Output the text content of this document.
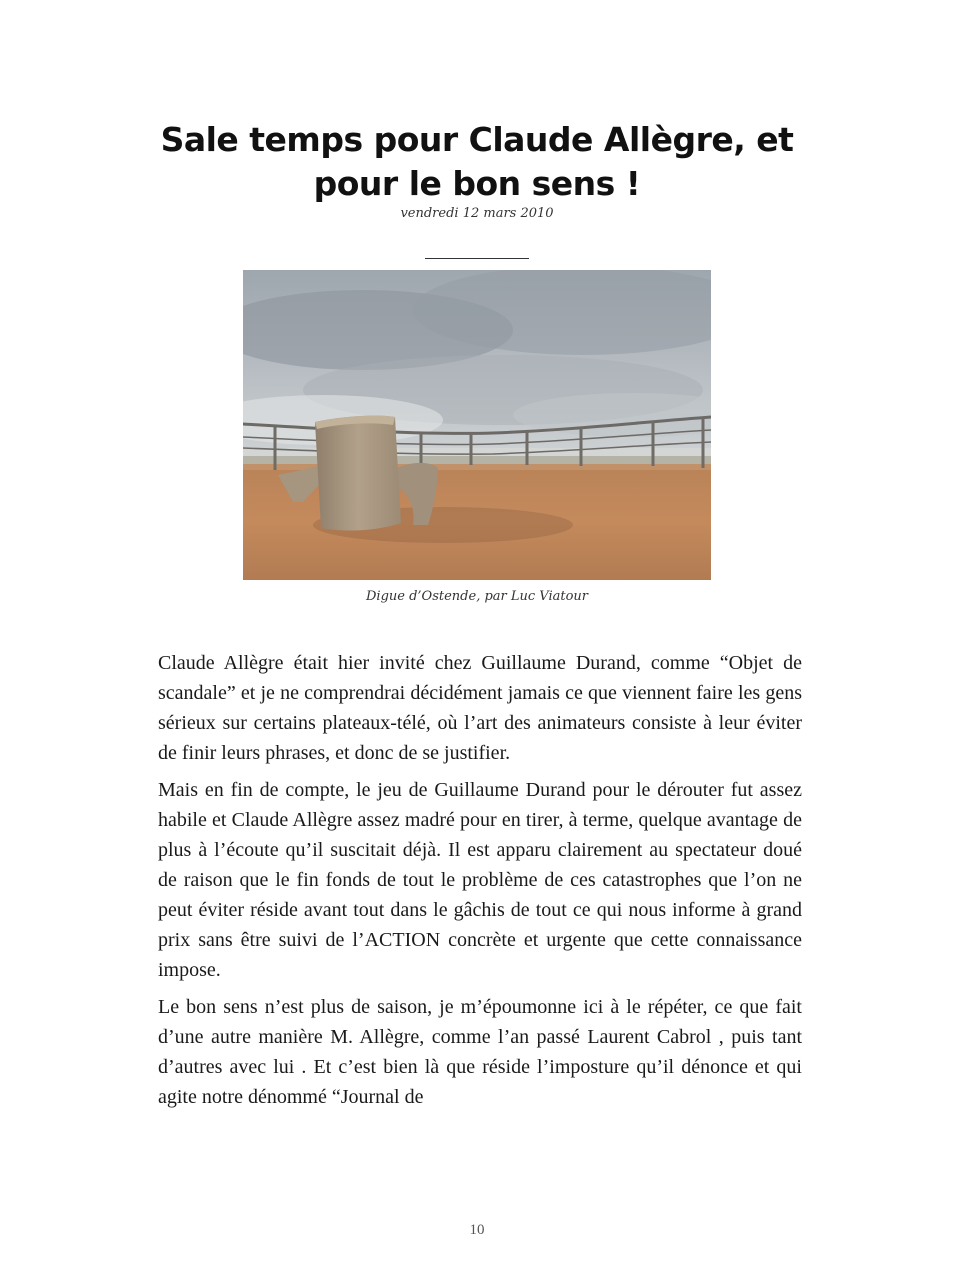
Sale temps pour Claude Allègre, et pour le bon sens !
vendredi 12 mars 2010
Digue d’Ostende, par Luc Viatour

Claude Allègre était hier invité chez Guillaume Durand, comme “Objet de scandale” et je ne comprendrai décidément jamais ce que viennent faire les gens sérieux sur certains plateaux-télé, où l’art des animateurs consiste à leur éviter de finir leurs phrases, et donc de se justifier.

Mais en fin de compte, le jeu de Guillaume Durand pour le dérouter fut assez habile et Claude Allègre assez madré pour en tirer, à terme, quelque avantage de plus à l’écoute qu’il suscitait déjà. Il est apparu clairement au spectateur doué de raison que le fin fonds de tout le problème de ces catastrophes que l’on ne peut éviter réside avant tout dans le gâchis de tout ce qui nous informe à grand prix sans être suivi de l’ACTION concrète et urgente que cette connaissance impose.

Le bon sens n’est plus de saison, je m’époumonne ici à le répéter, ce que fait d’une autre manière M. Allègre, comme l’an passé Laurent Cabrol , puis tant d’autres avec lui . Et c’est bien là que réside l’imposture qu’il dénonce et qui agite notre dénommé “Journal de

10
